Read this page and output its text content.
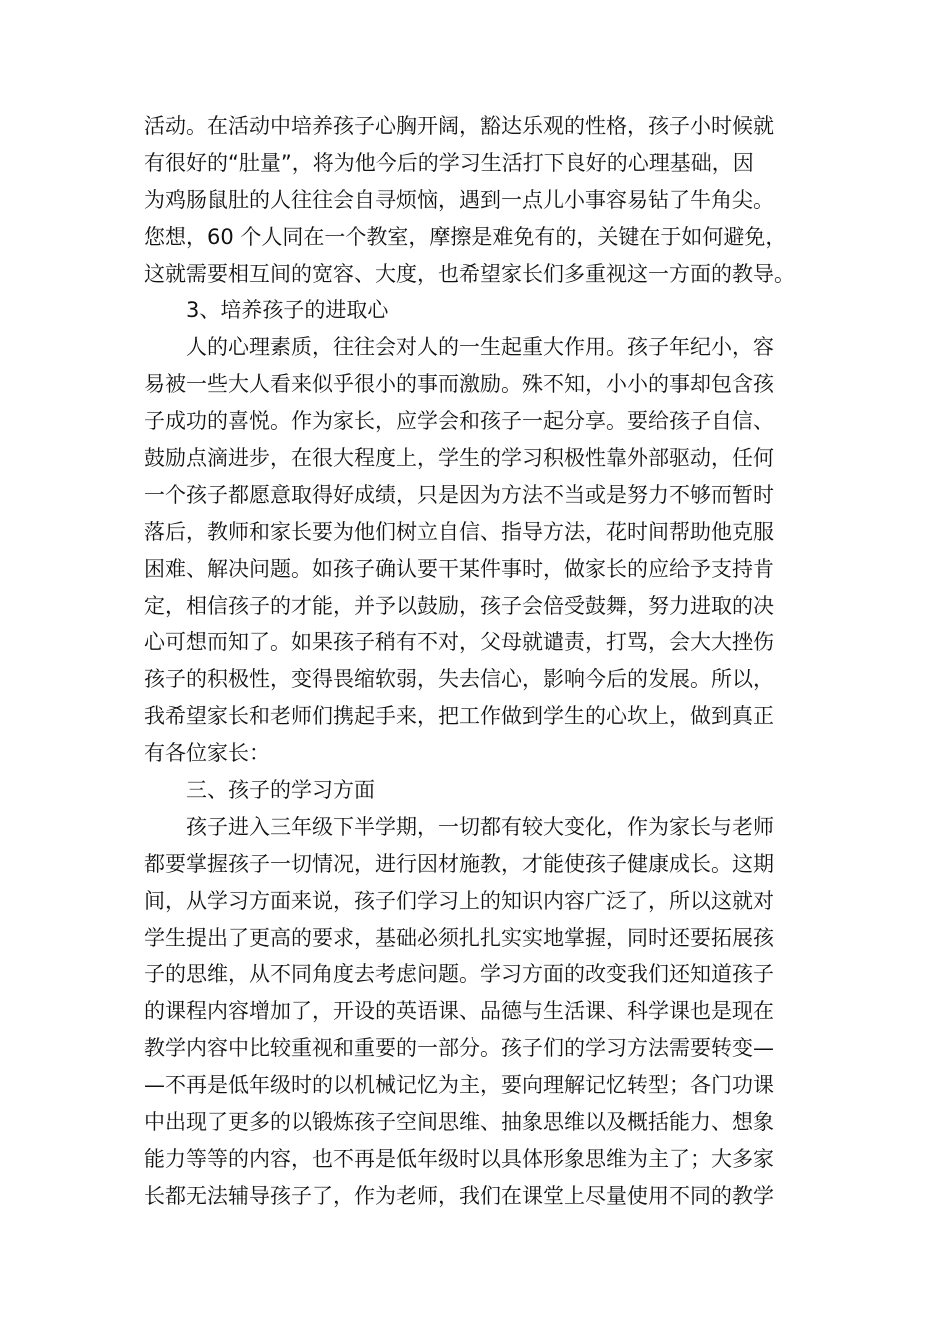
活动。在活动中培养孩子心胸开阔，豁达乐观的性格，孩子小时候就
有很好的“肚量”，将为他今后的学习生活打下良好的心理基础，因
为鸡肠鼠肚的人往往会自寻烦恼，遇到一点儿小事容易钻了牛角尖。
您想，60 个人同在一个教室，摩擦是难免有的，关键在于如何避免，
这就需要相互间的宽容、大度，也希望家长们多重视这一方面的教导。
3、培养孩子的进取心
人的心理素质，往往会对人的一生起重大作用。孩子年纪小，容
易被一些大人看来似乎很小的事而激励。殊不知，小小的事却包含孩
子成功的喜悦。作为家长，应学会和孩子一起分享。要给孩子自信、
鼓励点滴进步，在很大程度上，学生的学习积极性靠外部驱动，任何
一个孩子都愿意取得好成绩，只是因为方法不当或是努力不够而暂时
落后，教师和家长要为他们树立自信、指导方法，花时间帮助他克服
困难、解决问题。如孩子确认要干某件事时，做家长的应给予支持肯
定，相信孩子的才能，并予以鼓励，孩子会倍受鼓舞，努力进取的决
心可想而知了。如果孩子稍有不对，父母就谴责，打骂，会大大挫伤
孩子的积极性，变得畏缩软弱，失去信心，影响今后的发展。所以，
我希望家长和老师们携起手来，把工作做到学生的心坎上，做到真正
有各位家长：
三、孩子的学习方面
孩子进入三年级下半学期，一切都有较大变化，作为家长与老师
都要掌握孩子一切情况，进行因材施教，才能使孩子健康成长。这期
间，从学习方面来说，孩子们学习上的知识内容广泛了，所以这就对
学生提出了更高的要求，基础必须扎扎实实地掌握，同时还要拓展孩
子的思维，从不同角度去考虑问题。学习方面的改变我们还知道孩子
的课程内容增加了，开设的英语课、品德与生活课、科学课也是现在
教学内容中比较重视和重要的一部分。孩子们的学习方法需要转变—
—不再是低年级时的以机械记忆为主，要向理解记忆转型；各门功课
中出现了更多的以锻炼孩子空间思维、抽象思维以及概括能力、想象
能力等等的内容，也不再是低年级时以具体形象思维为主了；大多家
长都无法辅导孩子了，作为老师，我们在课堂上尽量使用不同的教学
